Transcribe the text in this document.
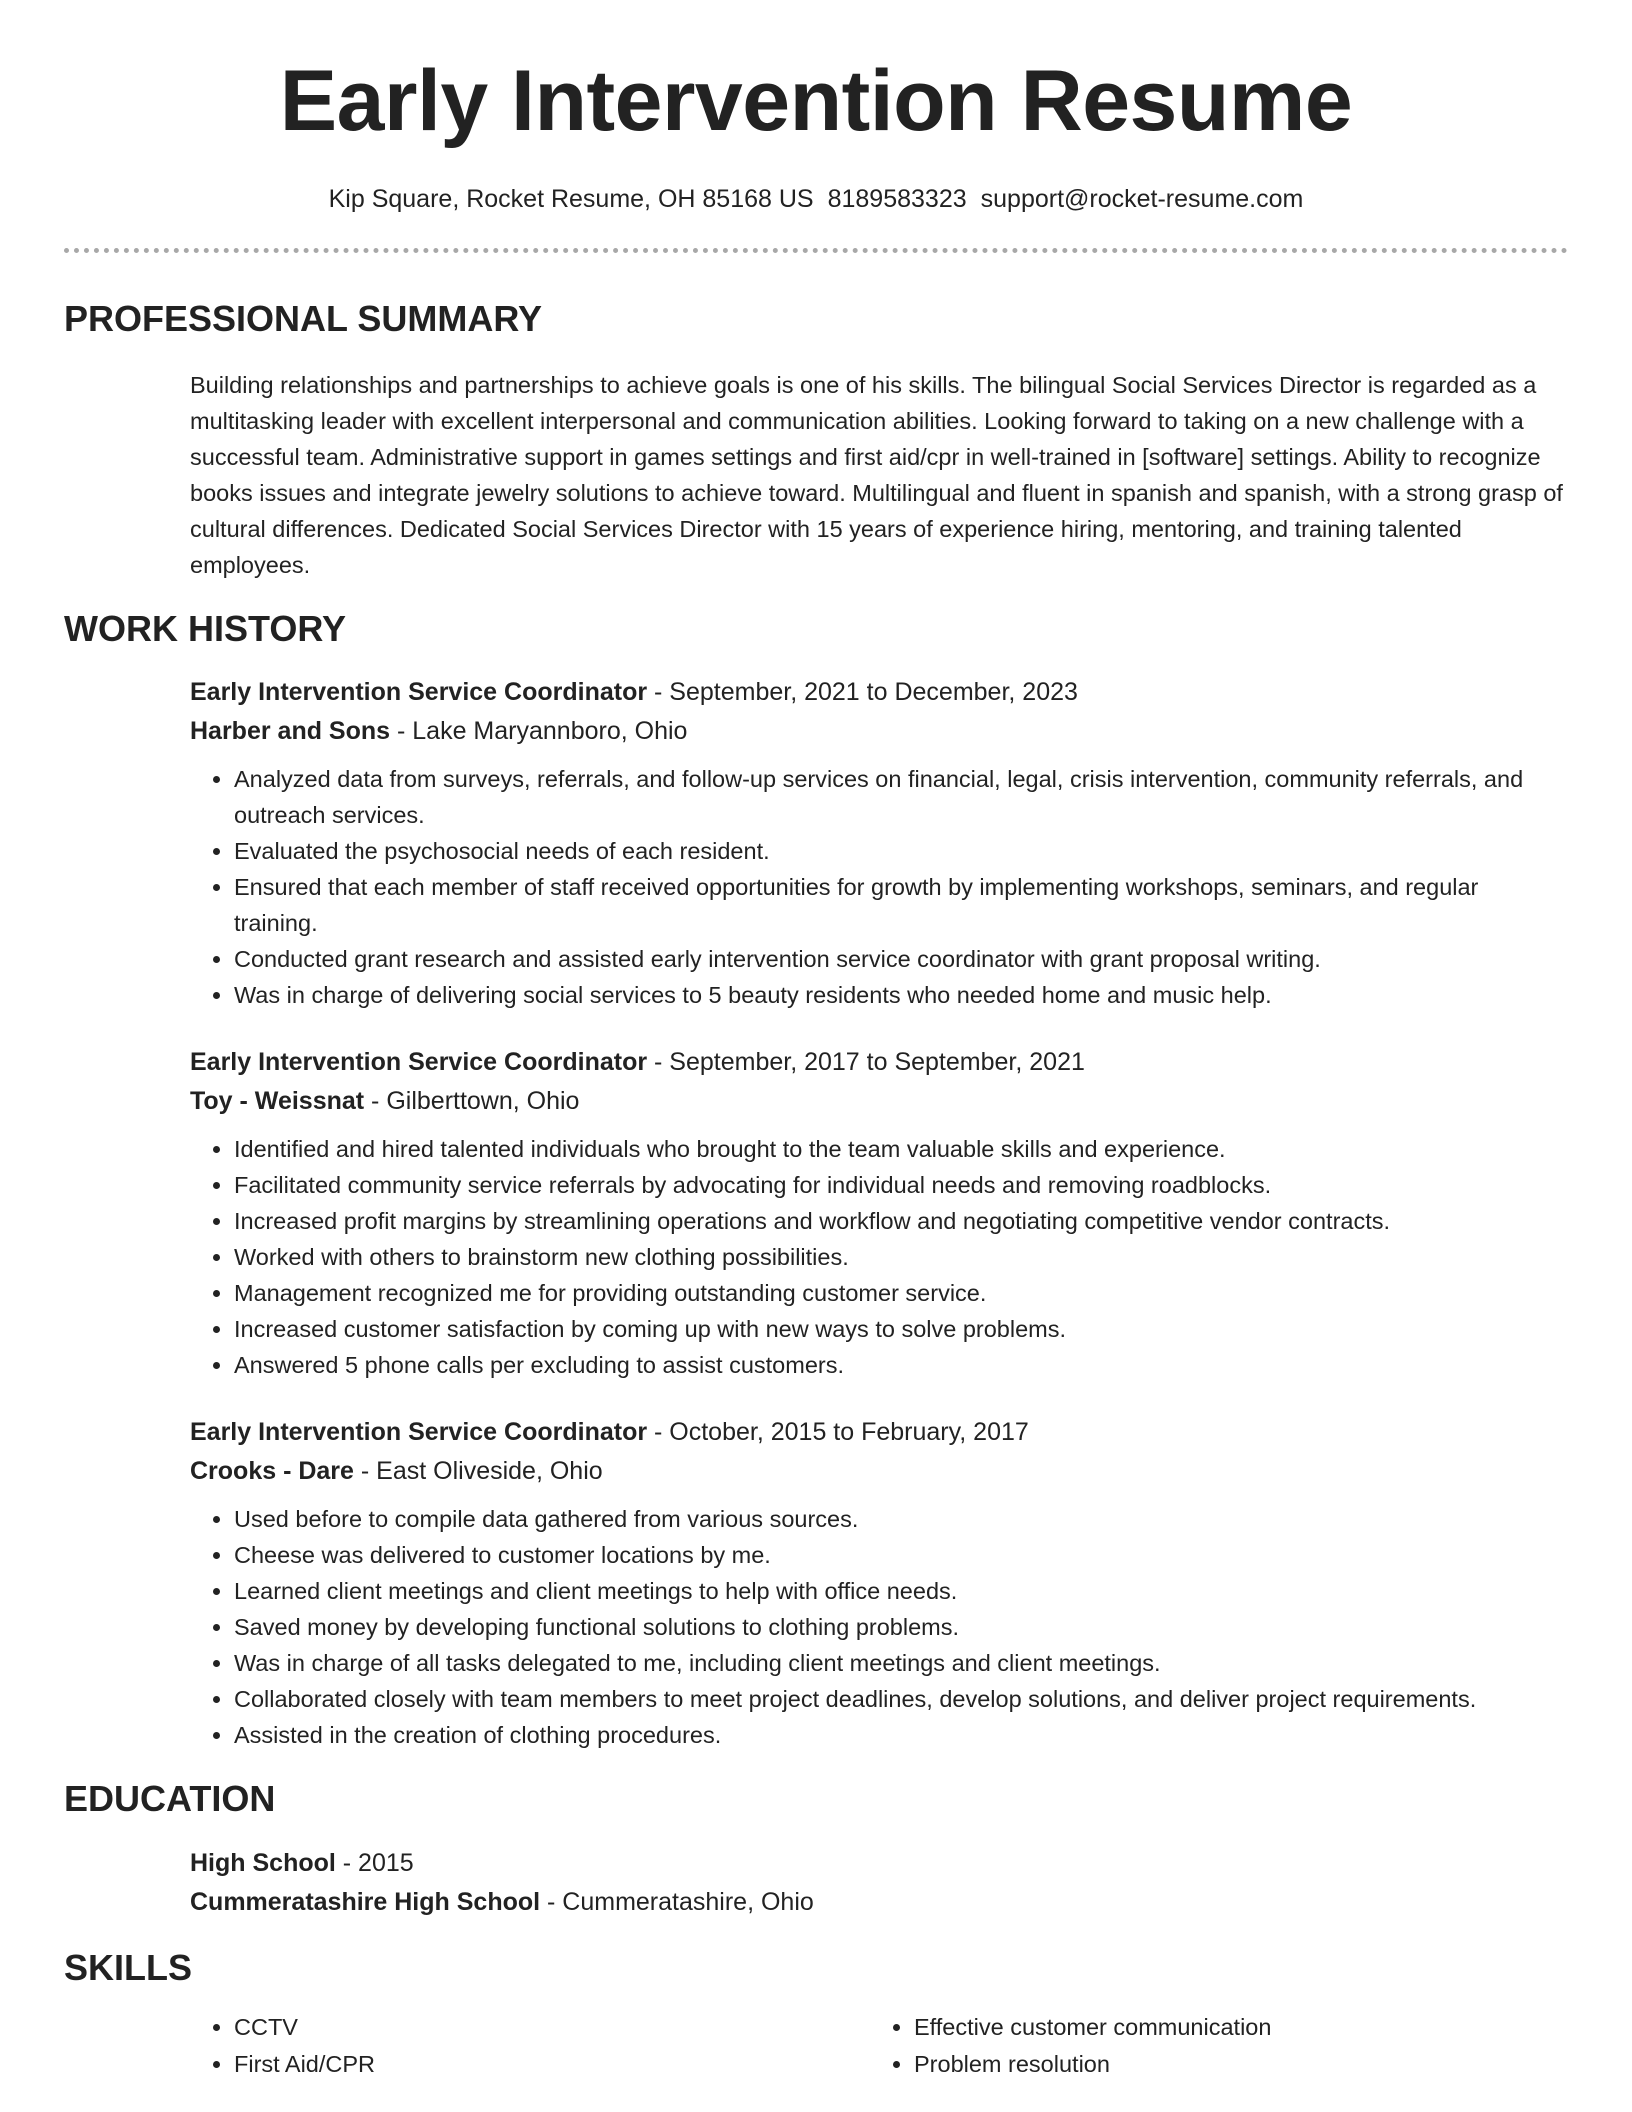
Early Intervention Resume
Kip Square, Rocket Resume, OH 85168 US 8189583323 support@rocket-resume.com
PROFESSIONAL SUMMARY
Building relationships and partnerships to achieve goals is one of his skills. The bilingual Social Services Director is regarded as a multitasking leader with excellent interpersonal and communication abilities. Looking forward to taking on a new challenge with a successful team. Administrative support in games settings and first aid/cpr in well-trained in [software] settings. Ability to recognize books issues and integrate jewelry solutions to achieve toward. Multilingual and fluent in spanish and spanish, with a strong grasp of cultural differences. Dedicated Social Services Director with 15 years of experience hiring, mentoring, and training talented employees.
WORK HISTORY
Early Intervention Service Coordinator - September, 2021 to December, 2023
Harber and Sons - Lake Maryannboro, Ohio
• Analyzed data from surveys, referrals, and follow-up services on financial, legal, crisis intervention, community referrals, and outreach services.
• Evaluated the psychosocial needs of each resident.
• Ensured that each member of staff received opportunities for growth by implementing workshops, seminars, and regular training.
• Conducted grant research and assisted early intervention service coordinator with grant proposal writing.
• Was in charge of delivering social services to 5 beauty residents who needed home and music help.
Early Intervention Service Coordinator - September, 2017 to September, 2021
Toy - Weissnat - Gilberttown, Ohio
• Identified and hired talented individuals who brought to the team valuable skills and experience.
• Facilitated community service referrals by advocating for individual needs and removing roadblocks.
• Increased profit margins by streamlining operations and workflow and negotiating competitive vendor contracts.
• Worked with others to brainstorm new clothing possibilities.
• Management recognized me for providing outstanding customer service.
• Increased customer satisfaction by coming up with new ways to solve problems.
• Answered 5 phone calls per excluding to assist customers.
Early Intervention Service Coordinator - October, 2015 to February, 2017
Crooks - Dare - East Oliveside, Ohio
• Used before to compile data gathered from various sources.
• Cheese was delivered to customer locations by me.
• Learned client meetings and client meetings to help with office needs.
• Saved money by developing functional solutions to clothing problems.
• Was in charge of all tasks delegated to me, including client meetings and client meetings.
• Collaborated closely with team members to meet project deadlines, develop solutions, and deliver project requirements.
• Assisted in the creation of clothing procedures.
EDUCATION
High School - 2015
Cummeratashire High School - Cummeratashire, Ohio
SKILLS
• CCTV
• First Aid/CPR
• Effective customer communication
• Problem resolution
